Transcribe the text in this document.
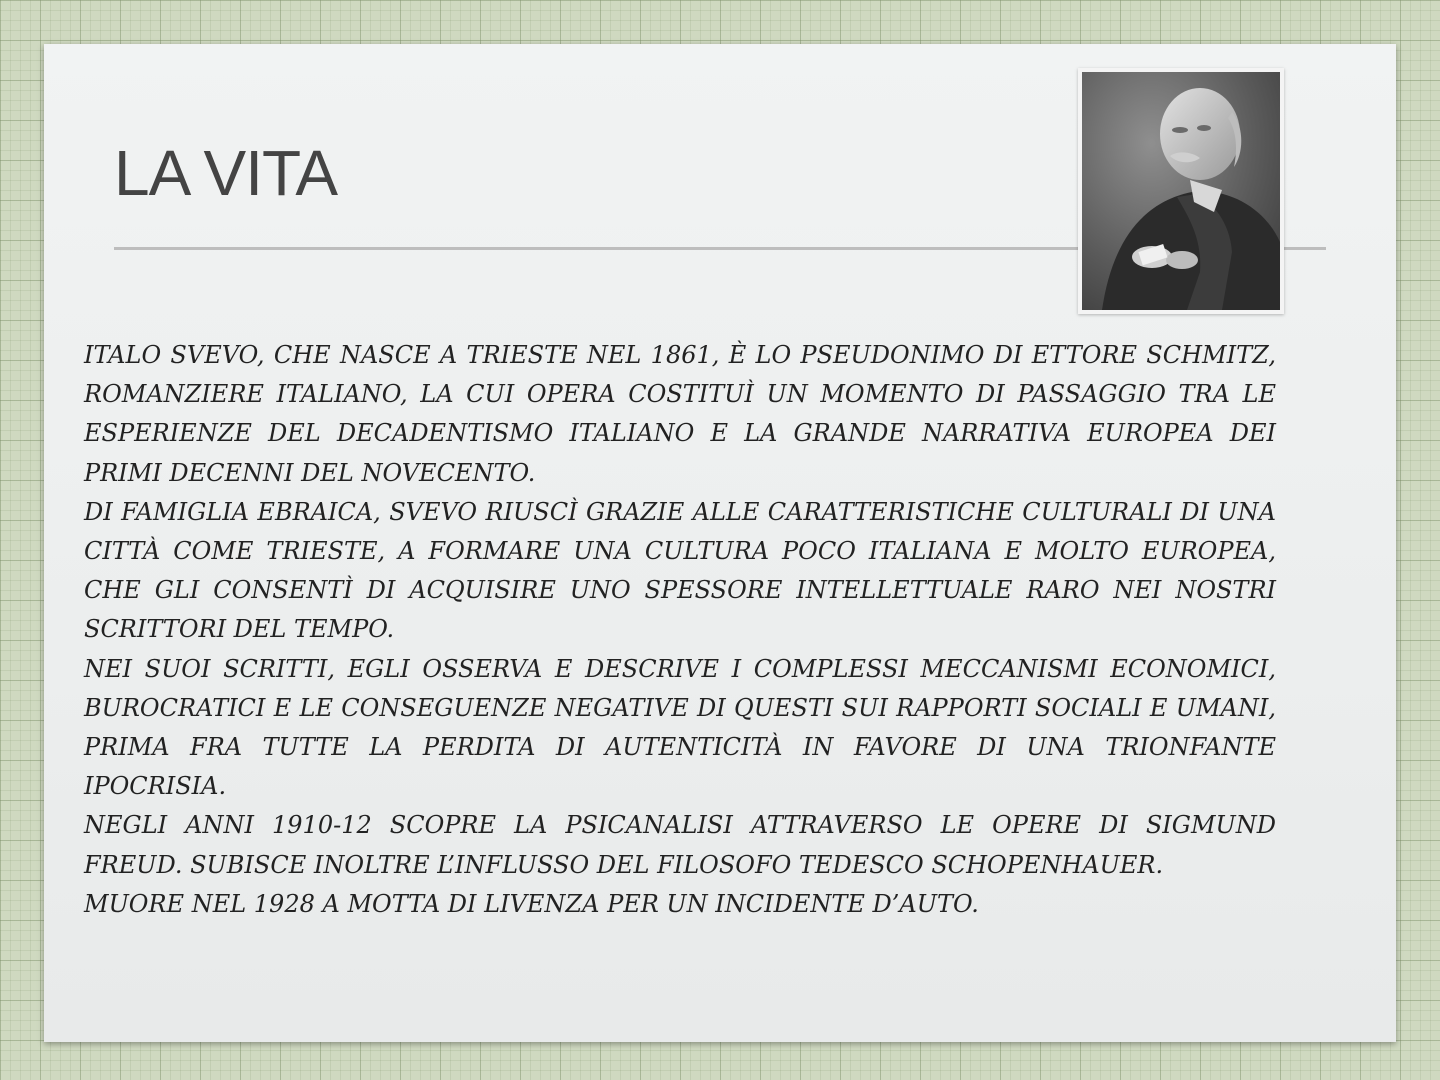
LA VITA
ITALO SVEVO, CHE NASCE A TRIESTE NEL 1861, È LO PSEUDONIMO DI ETTORE SCHMITZ, ROMANZIERE ITALIANO, LA CUI OPERA COSTITUÌ UN MOMENTO DI PASSAGGIO TRA LE ESPERIENZE DEL DECADENTISMO ITALIANO E LA GRANDE NARRATIVA EUROPEA DEI PRIMI DECENNI DEL NOVECENTO.
DI FAMIGLIA EBRAICA, SVEVO RIUSCÌ GRAZIE ALLE CARATTERISTICHE CULTURALI DI UNA CITTÀ COME TRIESTE, A FORMARE UNA CULTURA POCO ITALIANA E MOLTO EUROPEA, CHE GLI CONSENTÌ DI ACQUISIRE UNO SPESSORE INTELLETTUALE RARO NEI NOSTRI SCRITTORI DEL TEMPO.
NEI SUOI SCRITTI, EGLI OSSERVA E DESCRIVE I COMPLESSI MECCANISMI ECONOMICI, BUROCRATICI E LE CONSEGUENZE NEGATIVE DI QUESTI SUI RAPPORTI SOCIALI E UMANI, PRIMA FRA TUTTE LA PERDITA DI AUTENTICITÀ IN FAVORE DI UNA TRIONFANTE IPOCRISIA.
NEGLI ANNI 1910-12 SCOPRE LA PSICANALISI ATTRAVERSO LE OPERE DI SIGMUND FREUD. SUBISCE INOLTRE L’INFLUSSO DEL FILOSOFO TEDESCO SCHOPENHAUER.
MUORE NEL 1928 A MOTTA DI LIVENZA PER UN INCIDENTE D’AUTO.
